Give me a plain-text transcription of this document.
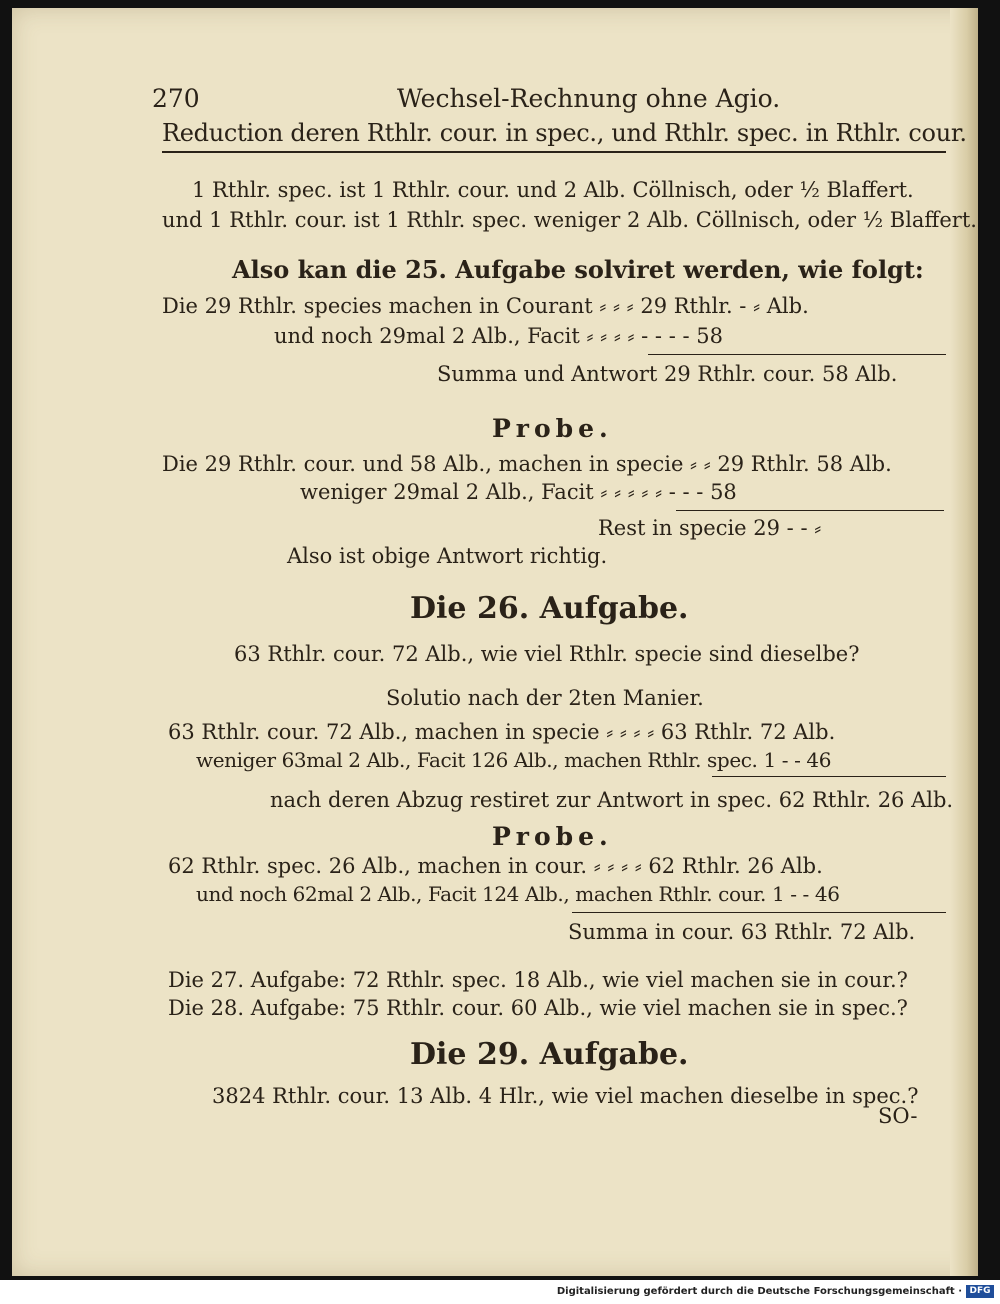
270	Wechsel-Rechnung ohne Agio.
Reduction deren Rthlr. cour. in spec., und Rthlr. spec. in Rthlr. cour.
1 Rthlr. spec. ist 1 Rthlr. cour. und 2 Alb. Cöllnisch, oder ½ Blaffert.
und 1 Rthlr. cour. ist 1 Rthlr. spec. weniger 2 Alb. Cöllnisch, oder ½ Blaffert.
Also kan die 25. Aufgabe solviret werden, wie folgt:
Die 29 Rthlr. species machen in Courant ⸗ ⸗ ⸗ 29 Rthlr. - ⸗ Alb.
und noch 29mal 2 Alb., Facit ⸗ ⸗ ⸗ ⸗ - - - - 58
Summa und Antwort 29 Rthlr. cour. 58 Alb.
Probe.
Die 29 Rthlr. cour. und 58 Alb., machen in specie ⸗ ⸗ 29 Rthlr. 58 Alb.
weniger 29mal 2 Alb., Facit ⸗ ⸗ ⸗ ⸗ ⸗ - - - 58
Rest in specie 29 - - ⸗
Also ist obige Antwort richtig.
Die 26. Aufgabe.
63 Rthlr. cour. 72 Alb., wie viel Rthlr. specie sind dieselbe?
Solutio nach der 2ten Manier.
63 Rthlr. cour. 72 Alb., machen in specie ⸗ ⸗ ⸗ ⸗ 63 Rthlr. 72 Alb.
weniger 63mal 2 Alb., Facit 126 Alb., machen Rthlr. spec. 1 - - 46
nach deren Abzug restiret zur Antwort in spec. 62 Rthlr. 26 Alb.
Probe.
62 Rthlr. spec. 26 Alb., machen in cour. ⸗ ⸗ ⸗ ⸗ 62 Rthlr. 26 Alb.
und noch 62mal 2 Alb., Facit 124 Alb., machen Rthlr. cour. 1 - - 46
Summa in cour. 63 Rthlr. 72 Alb.
Die 27. Aufgabe: 72 Rthlr. spec. 18 Alb., wie viel machen sie in cour.?
Die 28. Aufgabe: 75 Rthlr. cour. 60 Alb., wie viel machen sie in spec.?
Die 29. Aufgabe.
3824 Rthlr. cour. 13 Alb. 4 Hlr., wie viel machen dieselbe in spec.?
SO-
Digitalisierung gefördert durch die Deutsche Forschungsgemeinschaft · DFG
